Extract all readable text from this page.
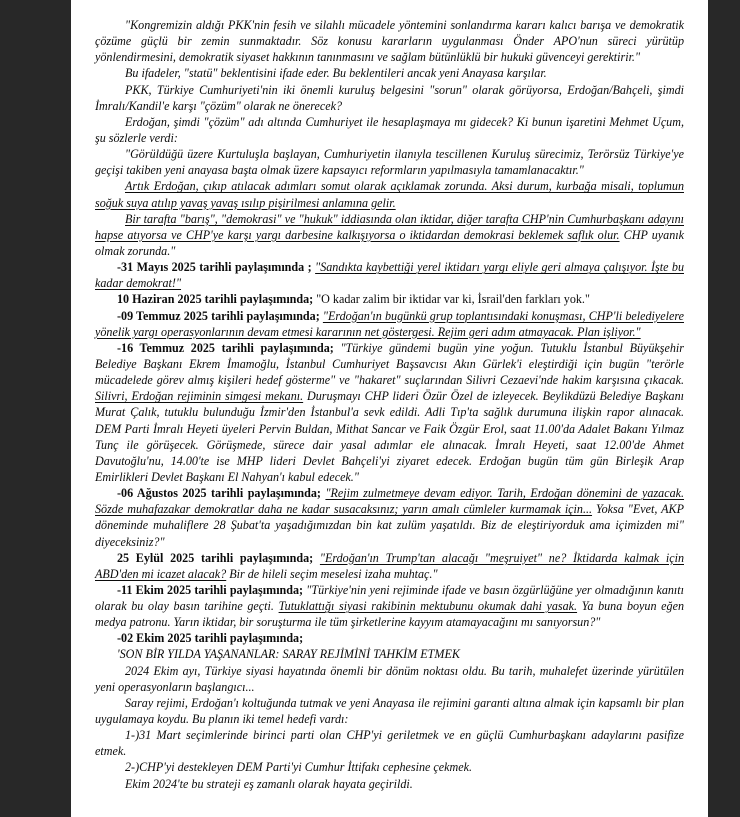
"Kongremizin aldığı PKK'nin fesih ve silahlı mücadele yöntemini sonlandırma kararı kalıcı barışa ve demokratik çözüme güçlü bir zemin sunmaktadır. Söz konusu kararların uygulanması Önder APO'nun süreci yürütüp yönlendirmesini, demokratik siyaset hakkının tanınmasını ve sağlam bütünlüklü bir hukuki güvenceyi gerektirir."

Bu ifadeler, "statü" beklentisini ifade eder. Bu beklentileri ancak yeni Anayasa karşılar.

PKK, Türkiye Cumhuriyeti'nin iki önemli kuruluş belgesini "sorun" olarak görüyorsa, Erdoğan/Bahçeli, şimdi İmralı/Kandil'e karşı "çözüm" olarak ne önerecek?

Erdoğan, şimdi "çözüm" adı altında Cumhuriyet ile hesaplaşmaya mı gidecek? Ki bunun işaretini Mehmet Uçum, şu sözlerle verdi:

"Görüldüğü üzere Kurtuluşla başlayan, Cumhuriyetin ilanıyla tescillenen Kuruluş sürecimiz, Terörsüz Türkiye'ye geçişi takiben yeni anayasa başta olmak üzere kapsayıcı reformların yapılmasıyla tamamlanacaktır."

Artık Erdoğan, çıkıp atılacak adımları somut olarak açıklamak zorunda. Aksi durum, kurbağa misali, toplumun soğuk suya atılıp yavaş yavaş ısılıp pişirilmesi anlamına gelir.

Bir tarafta "barış", "demokrasi" ve "hukuk" iddiasında olan iktidar, diğer tarafta CHP'nin Cumhurbaşkanı adayını hapse atıyorsa ve CHP'ye karşı yargı darbesine kalkışıyorsa o iktidardan demokrasi beklemek saflık olur. CHP uyanık olmak zorunda."

-31 Mayıs 2025 tarihli paylaşımında ; "Sandıkta kaybettiği yerel iktidarı yargı eliyle geri almaya çalışıyor. İşte bu kadar demokrat!"

10 Haziran 2025 tarihli paylaşımında; "O kadar zalim bir iktidar var ki, İsrail'den farkları yok."

-09 Temmuz 2025 tarihli paylaşımında; "Erdoğan'ın bugünkü grup toplantısındaki konuşması, CHP'li belediyelere yönelik yargı operasyonlarının devam etmesi kararının net göstergesi. Rejim geri adım atmayacak. Plan işliyor."

-16 Temmuz 2025 tarihli paylaşımında; "Türkiye gündemi bugün yine yoğun. Tutuklu İstanbul Büyükşehir Belediye Başkanı Ekrem İmamoğlu, İstanbul Cumhuriyet Başsavcısı Akın Gürlek'i eleştirdiği için bugün "terörle mücadelede görev almış kişileri hedef gösterme" ve "hakaret" suçlarından Silivri Cezaevi'nde hakim karşısına çıkacak. Silivri, Erdoğan rejiminin simgesi mekanı. Duruşmayı CHP lideri Özür Özel de izleyecek. Beylikdüzü Belediye Başkanı Murat Çalık, tutuklu bulunduğu İzmir'den İstanbul'a sevk edildi. Adli Tıp'ta sağlık durumuna ilişkin rapor alınacak. DEM Parti İmralı Heyeti üyeleri Pervin Buldan, Mithat Sancar ve Faik Özgür Erol, saat 11.00'da Adalet Bakanı Yılmaz Tunç ile görüşecek. Görüşmede, sürece dair yasal adımlar ele alınacak. İmralı Heyeti, saat 12.00'de Ahmet Davutoğlu'nu, 14.00'te ise MHP lideri Devlet Bahçeli'yi ziyaret edecek. Erdoğan bugün tüm gün Birleşik Arap Emirlikleri Devlet Başkanı El Nahyan'ı kabul edecek."

-06 Ağustos 2025 tarihli paylaşımında; "Rejim zulmetmeye devam ediyor. Tarih, Erdoğan dönemini de yazacak. Sözde muhafazakar demokratlar daha ne kadar susacaksınız; yarın amalı cümleler kurmamak için... Yoksa "Evet, AKP döneminde muhaliflere 28 Şubat'ta yaşadığımızdan bin kat zulüm yaşatıldı. Biz de eleştiriyorduk ama içimizden mi" diyeceksiniz?"

25 Eylül 2025 tarihli paylaşımında; "Erdoğan'ın Trump'tan alacağı "meşruiyet" ne? İktidarda kalmak için ABD'den mi icazet alacak? Bir de hileli seçim meselesi izaha muhtaç."

-11 Ekim 2025 tarihli paylaşımında; "Türkiye'nin yeni rejiminde ifade ve basın özgürlüğüne yer olmadığının kanıtı olarak bu olay basın tarihine geçti. Tutuklattığı siyasi rakibinin mektubunu okumak dahi yasak. Ya buna boyun eğen medya patronu. Yarın iktidar, bir soruşturma ile tüm şirketlerine kayyım atamayacağını mı sanıyorsun?"

-02 Ekim 2025 tarihli paylaşımında;

'SON BİR YILDA YAŞANANLAR: SARAY REJİMİNİ TAHKİM ETMEK

2024 Ekim ayı, Türkiye siyasi hayatında önemli bir dönüm noktası oldu. Bu tarih, muhalefet üzerinde yürütülen yeni operasyonların başlangıcı...

Saray rejimi, Erdoğan'ı koltuğunda tutmak ve yeni Anayasa ile rejimini garanti altına almak için kapsamlı bir plan uygulamaya koydu. Bu planın iki temel hedefi vardı:

1-)31 Mart seçimlerinde birinci parti olan CHP'yi geriletmek ve en güçlü Cumhurbaşkanı adaylarını pasifize etmek.

2-)CHP'yi destekleyen DEM Parti'yi Cumhur İttifakı cephesine çekmek.

Ekim 2024'te bu strateji eş zamanlı olarak hayata geçirildi.
